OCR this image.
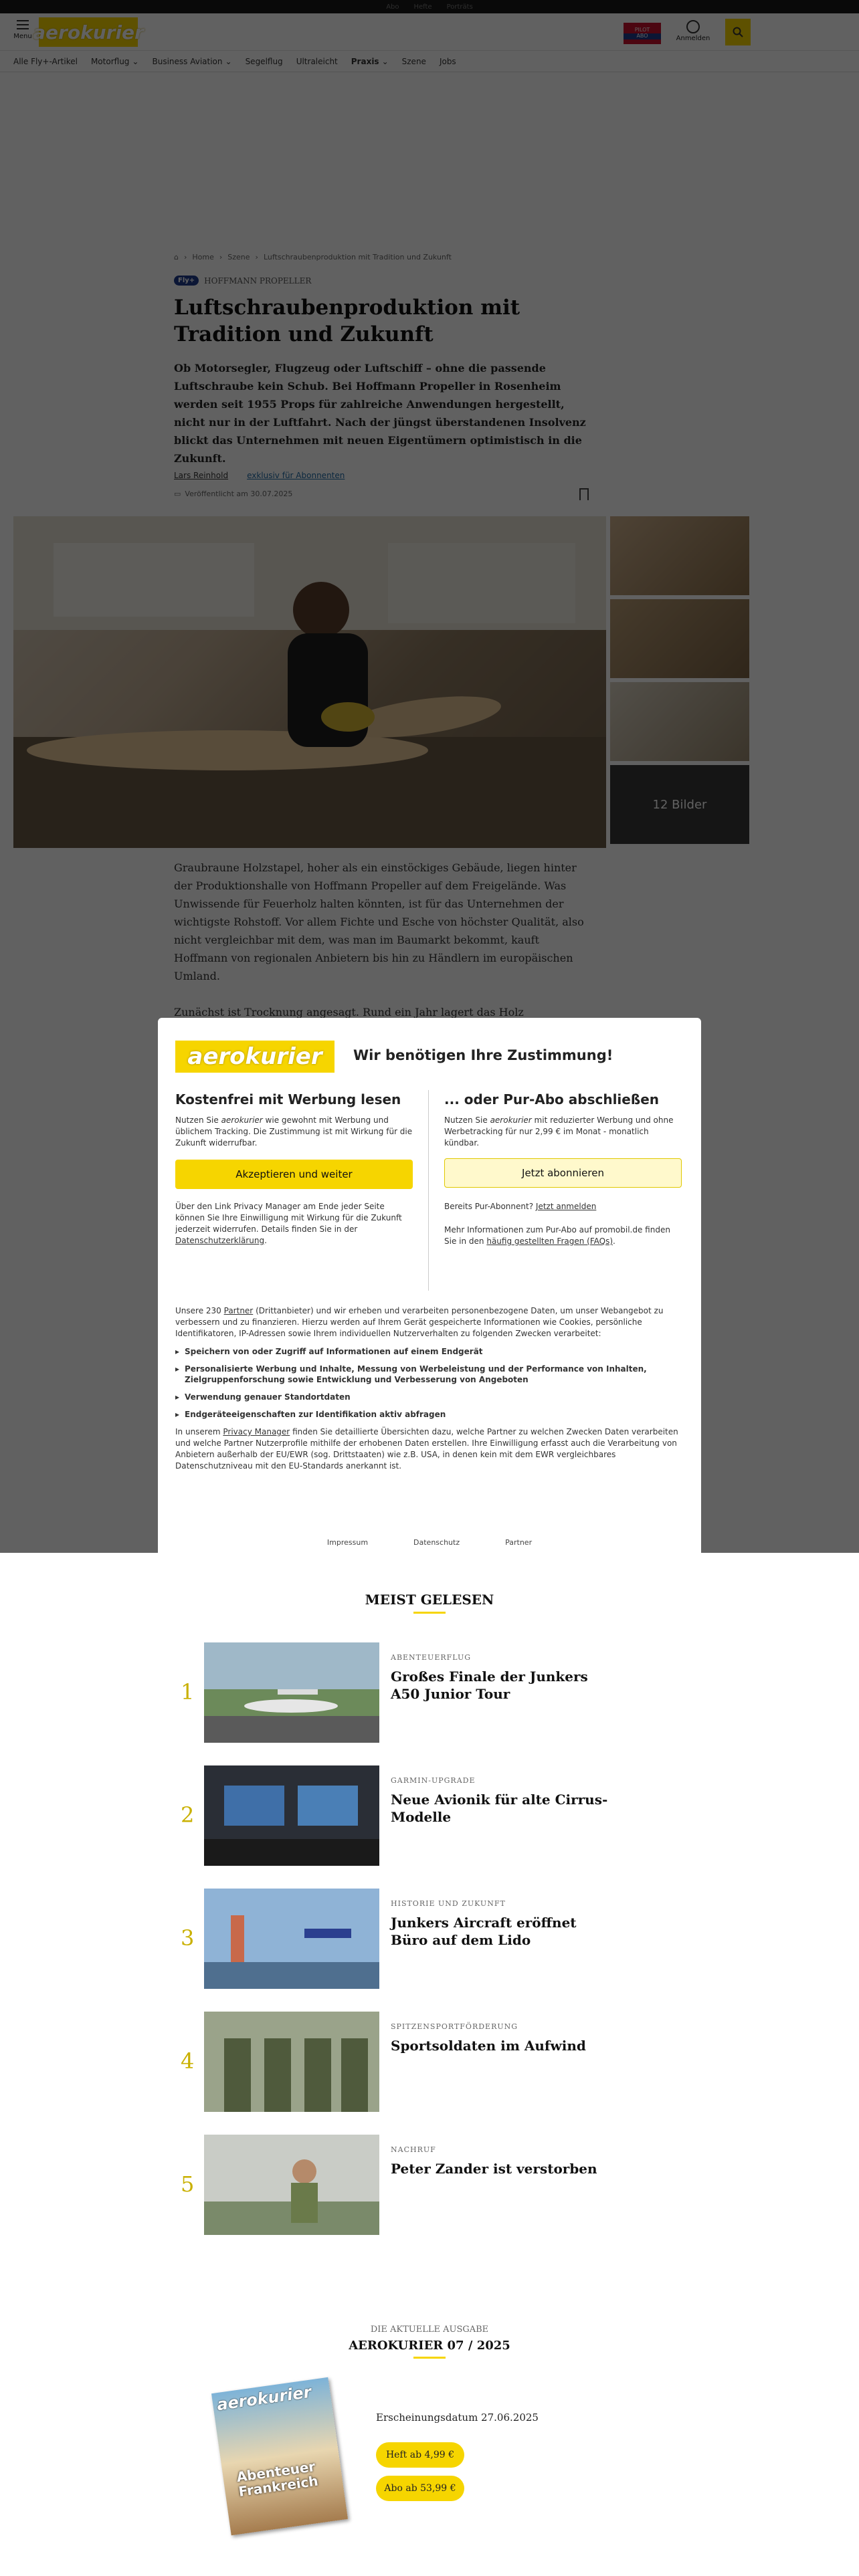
aerokurier	Wir benötigen Ihre Zustimmung!
Kostenfrei mit Werbung lesen

Nutzen Sie aerokurier wie gewohnt mit Werbung und üblichem Tracking. Die Zustimmung ist mit Wirkung für die Zukunft widerrufbar.

Akzeptieren und weiter

Über den Link Privacy Manager am Ende jeder Seite können Sie Ihre Einwilligung mit Wirkung für die Zukunft jederzeit widerrufen. Details finden Sie in der Datenschutzerklärung.

... oder Pur-Abo abschließen

Nutzen Sie aerokurier mit reduzierter Werbung und ohne Werbetracking für nur 2,99 € im Monat - monatlich kündbar.

Jetzt abonnieren

Bereits Pur-Abonnent? Jetzt anmelden

Mehr Informationen zum Pur-Abo auf promobil.de finden Sie in den häufig gestellten Fragen (FAQs).

Unsere 230 Partner (Drittanbieter) und wir erheben und verarbeiten personenbezogene Daten, um unser Webangebot zu verbessern und zu finanzieren. Hierzu werden auf Ihrem Gerät gespeicherte Informationen wie Cookies, persönliche Identifikatoren, IP-Adressen sowie Ihrem individuellen Nutzerverhalten zu folgenden Zwecken verarbeitet:

▸ Speichern von oder Zugriff auf Informationen auf einem Endgerät
▸ Personalisierte Werbung und Inhalte, Messung von Werbeleistung und der Performance von Inhalten, Zielgruppenforschung sowie Entwicklung und Verbesserung von Angeboten
▸ Verwendung genauer Standortdaten
▸ Endgeräteeigenschaften zur Identifikation aktiv abfragen

In unserem Privacy Manager finden Sie detaillierte Übersichten dazu, welche Partner zu welchen Zwecken Daten verarbeiten und welche Partner Nutzerprofile mithilfe der erhobenen Daten erstellen. Ihre Einwilligung erfasst auch die Verarbeitung von Anbietern außerhalb der EU/EWR (sog. Drittstaaten) wie z.B. USA, in denen kein mit dem EWR vergleichbares Datenschutzniveau mit den EU-Standards anerkannt ist.

Impressum	Datenschutz	Partner
MEIST GELESEN
1
ABENTEUERFLUG
Großes Finale der Junkers A50 Junior Tour
2
GARMIN-UPGRADE
Neue Avionik für alte Cirrus-Modelle
3
HISTORIE UND ZUKUNFT
Junkers Aircraft eröffnet Büro auf dem Lido
4
SPITZENSPORTFÖRDERUNG
Sportsoldaten im Aufwind
5
NACHRUF
Peter Zander ist verstorben
DIE AKTUELLE AUSGABE
AEROKURIER 07 / 2025
aerokurier
Abenteuer Frankreich
Erscheinungsdatum 27.06.2025
Heft ab 4,99 €
Abo ab 53,99 €
